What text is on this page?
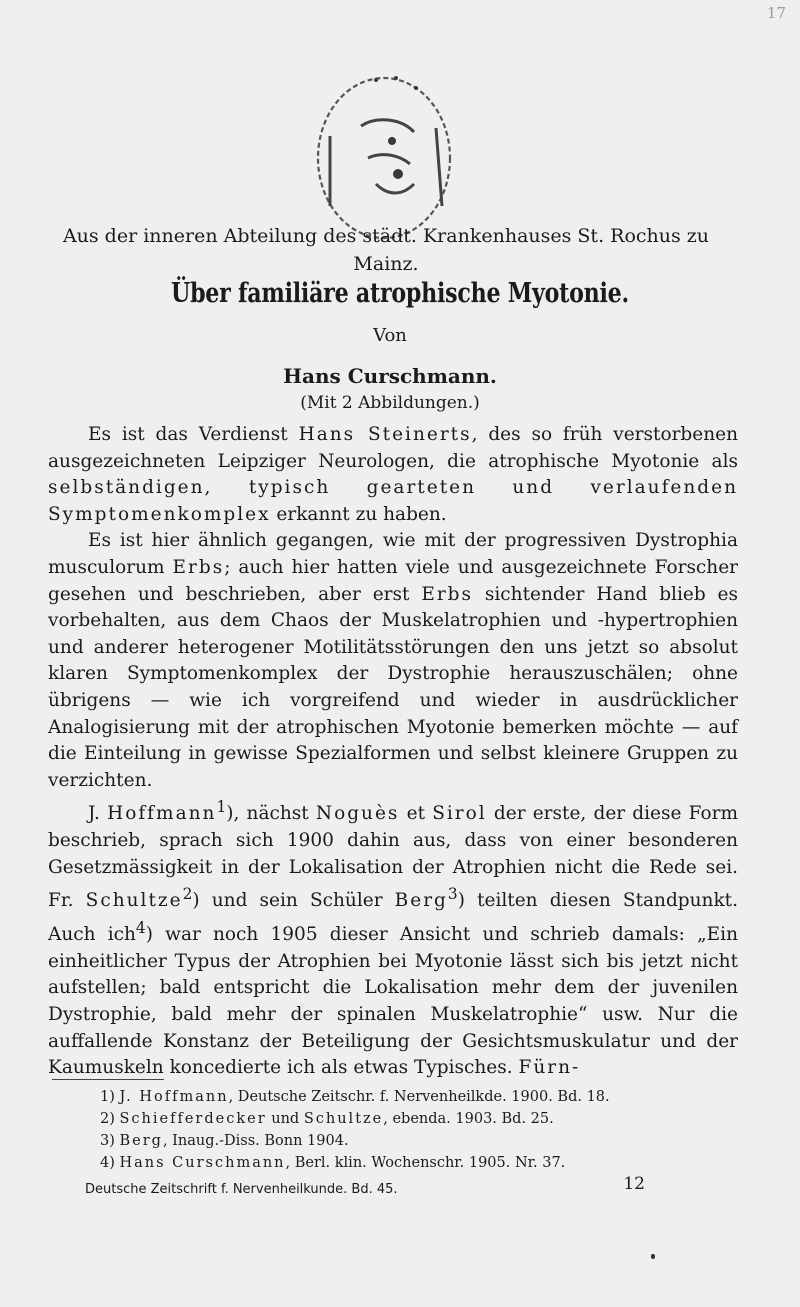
17
Aus der inneren Abteilung des städt. Krankenhauses St. Rochus zu
Mainz.
Über familiäre atrophische Myotonie.
Von
Hans Curschmann.
(Mit 2 Abbildungen.)

Es ist das Verdienst Hans Steinerts, des so früh verstorbenen ausgezeichneten Leipziger Neurologen, die atrophische Myotonie als selbständigen, typisch gearteten und verlaufenden Symptomenkomplex erkannt zu haben.

Es ist hier ähnlich gegangen, wie mit der progressiven Dystrophia musculorum Erbs; auch hier hatten viele und ausgezeichnete Forscher gesehen und beschrieben, aber erst Erbs sichtender Hand blieb es vorbehalten, aus dem Chaos der Muskelatrophien und -hypertrophien und anderer heterogener Motilitätsstörungen den uns jetzt so absolut klaren Symptomenkomplex der Dystrophie herauszuschälen; ohne übrigens — wie ich vorgreifend und wieder in ausdrücklicher Analogisierung mit der atrophischen Myotonie bemerken möchte — auf die Einteilung in gewisse Spezialformen und selbst kleinere Gruppen zu verzichten.

J. Hoffmann$^1$), nächst Noguès et Sirol der erste, der diese Form beschrieb, sprach sich 1900 dahin aus, dass von einer besonderen Gesetzmässigkeit in der Lokalisation der Atrophien nicht die Rede sei. Fr. Schultze$^2$) und sein Schüler Berg$^3$) teilten diesen Standpunkt. Auch ich$^4$) war noch 1905 dieser Ansicht und schrieb damals: „Ein einheitlicher Typus der Atrophien bei Myotonie lässt sich bis jetzt nicht aufstellen; bald entspricht die Lokalisation mehr dem der juvenilen Dystrophie, bald mehr der spinalen Muskelatrophie“ usw. Nur die auffallende Konstanz der Beteiligung der Gesichtsmuskulatur und der Kaumuskeln koncedierte ich als etwas Typisches. Fürn-

1) J. Hoffmann, Deutsche Zeitschr. f. Nervenheilkde. 1900. Bd. 18.
2) Schiefferdecker und Schultze, ebenda. 1903. Bd. 25.
3) Berg, Inaug.-Diss. Bonn 1904.
4) Hans Curschmann, Berl. klin. Wochenschr. 1905. Nr. 37.
Deutsche Zeitschrift f. Nervenheilkunde. Bd. 45.	12
